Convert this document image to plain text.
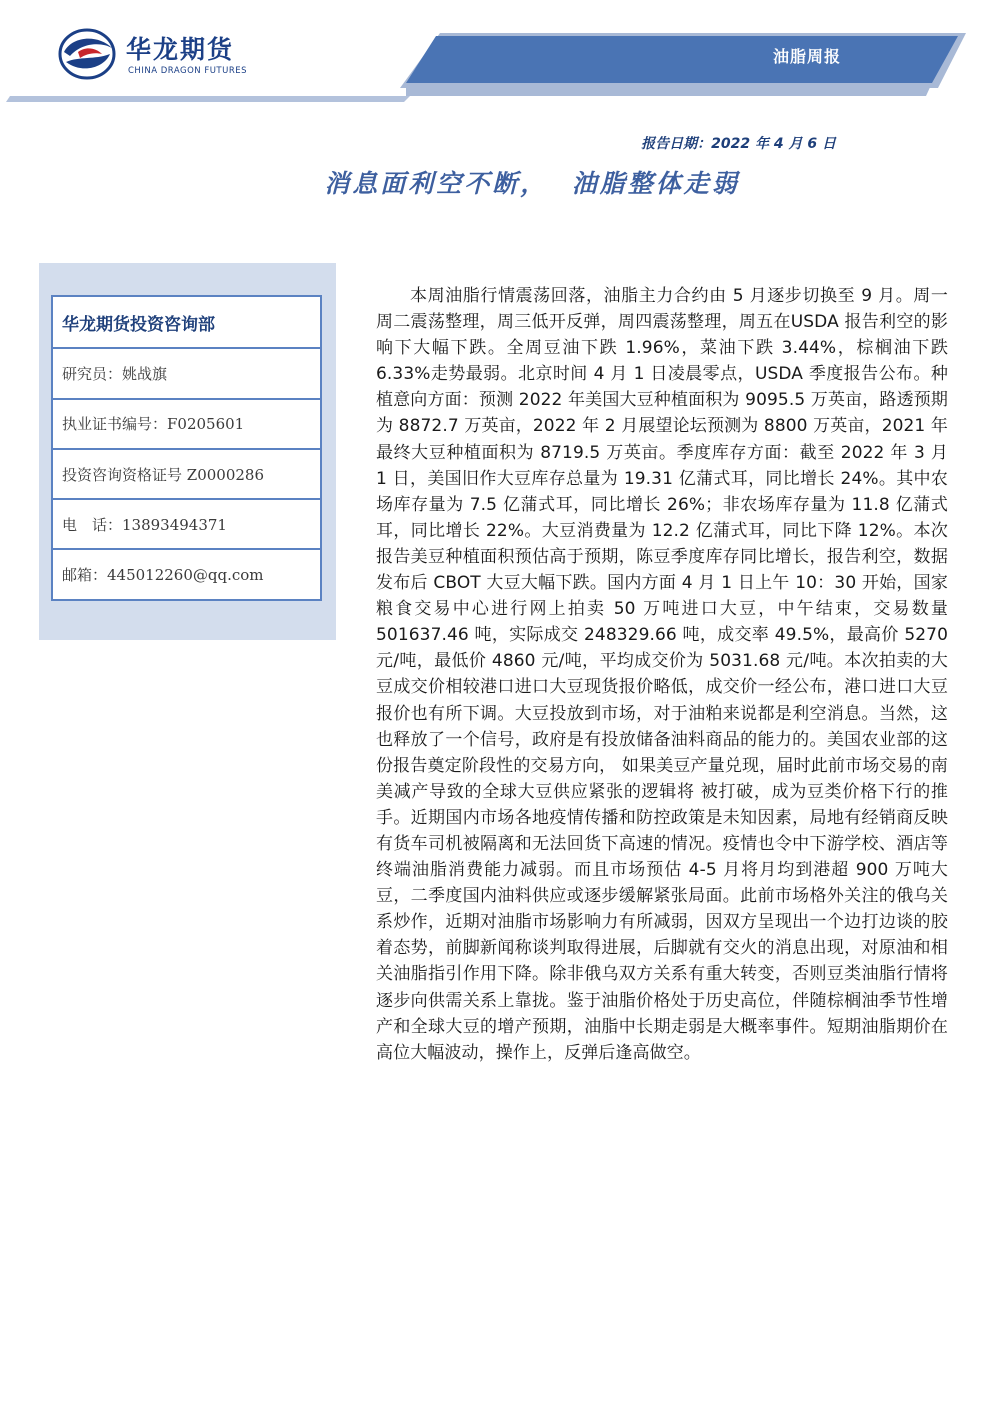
华龙期货
CHINA DRAGON FUTURES
油脂周报
报告日期：2022 年 4 月 6 日
消息面利空不断，  油脂整体走弱
华龙期货投资咨询部
研究员：姚战旗
执业证书编号：F0205601
投资咨询资格证号 Z0000286
电　话：13893494371
邮箱：445012260@qq.com
本周油脂行情震荡回落，油脂主力合约由 5 月逐步切换至 9 月。周一周二震荡整理，周三低开反弹，周四震荡整理，周五在USDA 报告利空的影响下大幅下跌。全周豆油下跌 1.96%，菜油下跌 3.44%，棕榈油下跌 6.33%走势最弱。北京时间 4 月 1 日凌晨零点，USDA 季度报告公布。种植意向方面：预测 2022 年美国大豆种植面积为 9095.5 万英亩，路透预期为 8872.7 万英亩，2022 年 2 月展望论坛预测为 8800 万英亩，2021 年最终大豆种植面积为 8719.5 万英亩。季度库存方面：截至 2022 年 3 月 1 日，美国旧作大豆库存总量为 19.31 亿蒲式耳，同比增长 24%。其中农场库存量为 7.5 亿蒲式耳，同比增长 26%；非农场库存量为 11.8 亿蒲式耳，同比增长 22%。大豆消费量为 12.2 亿蒲式耳，同比下降 12%。本次报告美豆种植面积预估高于预期，陈豆季度库存同比增长，报告利空，数据发布后 CBOT 大豆大幅下跌。国内方面 4 月 1 日上午 10：30 开始，国家粮食交易中心进行网上拍卖 50 万吨进口大豆，中午结束，交易数量 501637.46 吨，实际成交 248329.66 吨，成交率 49.5%，最高价 5270 元/吨，最低价 4860 元/吨，平均成交价为 5031.68 元/吨。本次拍卖的大豆成交价相较港口进口大豆现货报价略低，成交价一经公布，港口进口大豆报价也有所下调。大豆投放到市场，对于油粕来说都是利空消息。当然，这也释放了一个信号，政府是有投放储备油料商品的能力的。美国农业部的这份报告奠定阶段性的交易方向， 如果美豆产量兑现，届时此前市场交易的南美减产导致的全球大豆供应紧张的逻辑将 被打破，成为豆类价格下行的推手。近期国内市场各地疫情传播和防控政策是未知因素，局地有经销商反映有货车司机被隔离和无法回货下高速的情况。疫情也令中下游学校、酒店等终端油脂消费能力减弱。而且市场预估 4-5 月将月均到港超 900 万吨大豆，二季度国内油料供应或逐步缓解紧张局面。此前市场格外关注的俄乌关系炒作，近期对油脂市场影响力有所减弱，因双方呈现出一个边打边谈的胶着态势，前脚新闻称谈判取得进展，后脚就有交火的消息出现，对原油和相关油脂指引作用下降。除非俄乌双方关系有重大转变，否则豆类油脂行情将逐步向供需关系上靠拢。鉴于油脂价格处于历史高位，伴随棕榈油季节性增产和全球大豆的增产预期，油脂中长期走弱是大概率事件。短期油脂期价在高位大幅波动，操作上，反弹后逢高做空。
